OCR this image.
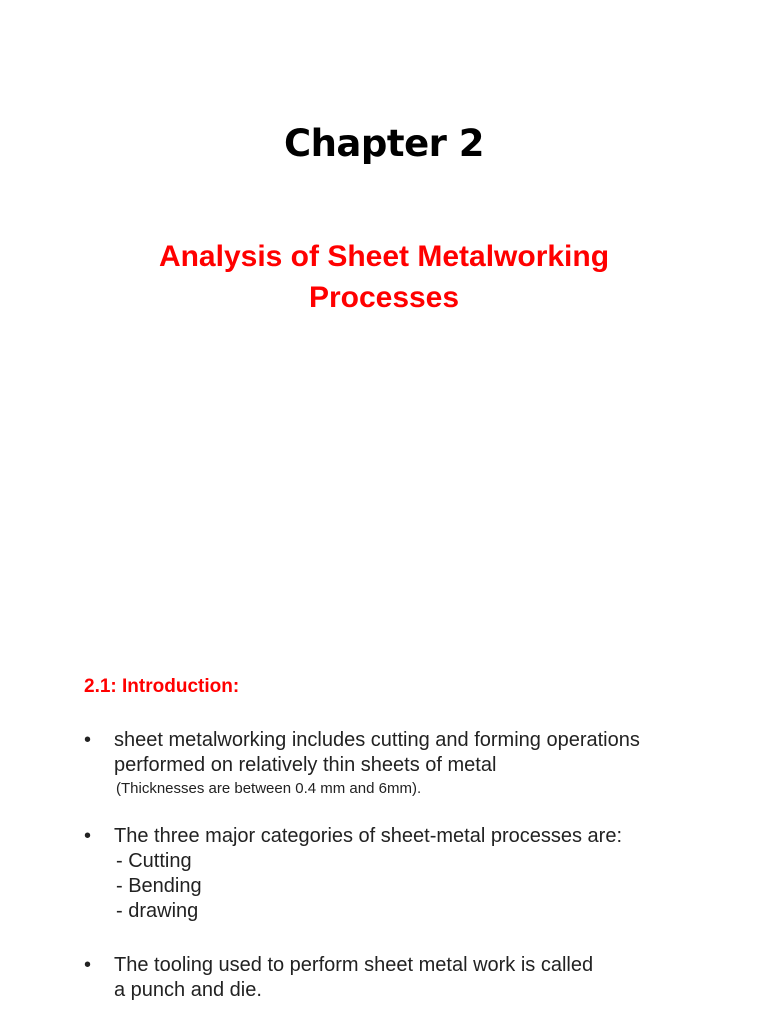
Chapter 2
Analysis of Sheet Metalworking
Processes
2.1: Introduction:
•	sheet metalworking includes cutting and forming operations
performed on relatively thin sheets of metal
(Thicknesses are between 0.4 mm and 6mm).
•	The three major categories of sheet-metal processes are:
- Cutting
- Bending
- drawing
•	The tooling used to perform sheet metal work is called
a punch and die.
